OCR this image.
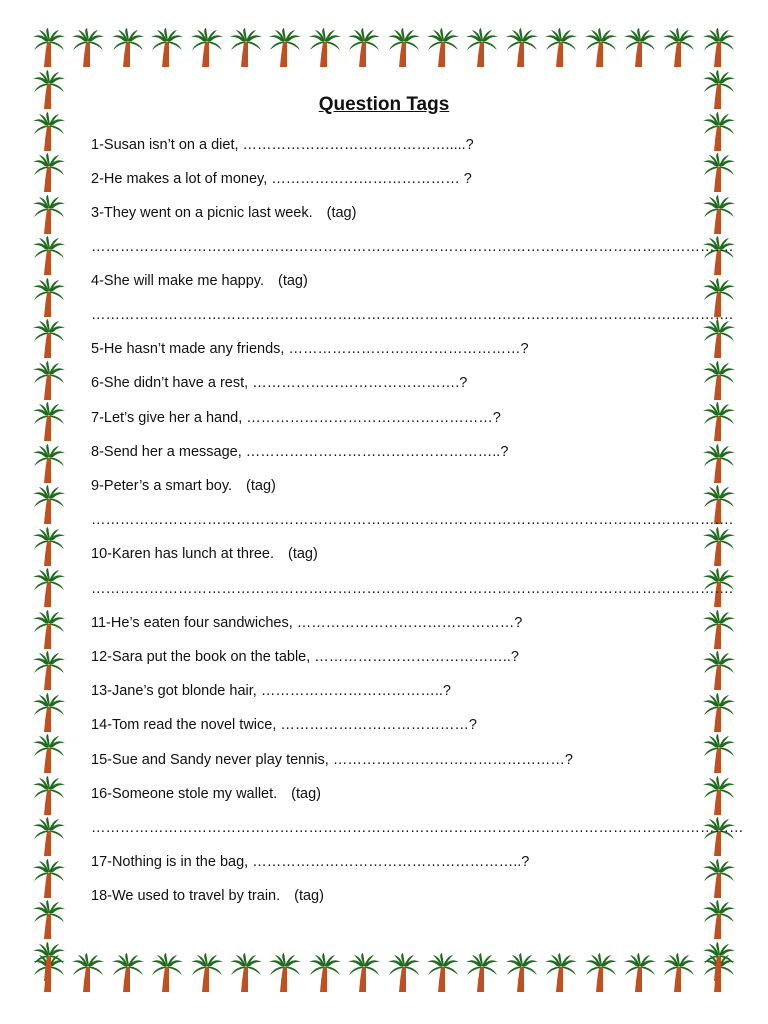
Question Tags
1-Susan isn’t on a diet, …………………………………….....?
2-He makes a lot of money, ………………………………… ?
3-They went on a picnic last week. (tag)
…………………………………………………………………………………………………………………….
4-She will make me happy. (tag)
…………………………………………………………………………………………………………………….
5-He hasn’t made any friends, …………………………………………?
6-She didn’t have a rest, …………………………………….?
7-Let’s give her a hand, ……………………………………………?
8-Send her a message, ……………………………………………..?
9-Peter’s a smart boy. (tag)
…………………………………………………………………………………………………………………….
10-Karen has lunch at three. (tag)
…………………………………………………………………………………………………………………….
11-He’s eaten four sandwiches, ………………………………………?
12-Sara put the book on the table, …………………………………..?
13-Jane’s got blonde hair, ………………………………..?
14-Tom read the novel twice, …………………………………?
15-Sue and Sandy never play tennis, …………………………………………?
16-Someone stole my wallet. (tag)
………………………………………………………………………………………………………………………
17-Nothing is in the bag, ………………………………………………..?
18-We used to travel by train. (tag)
